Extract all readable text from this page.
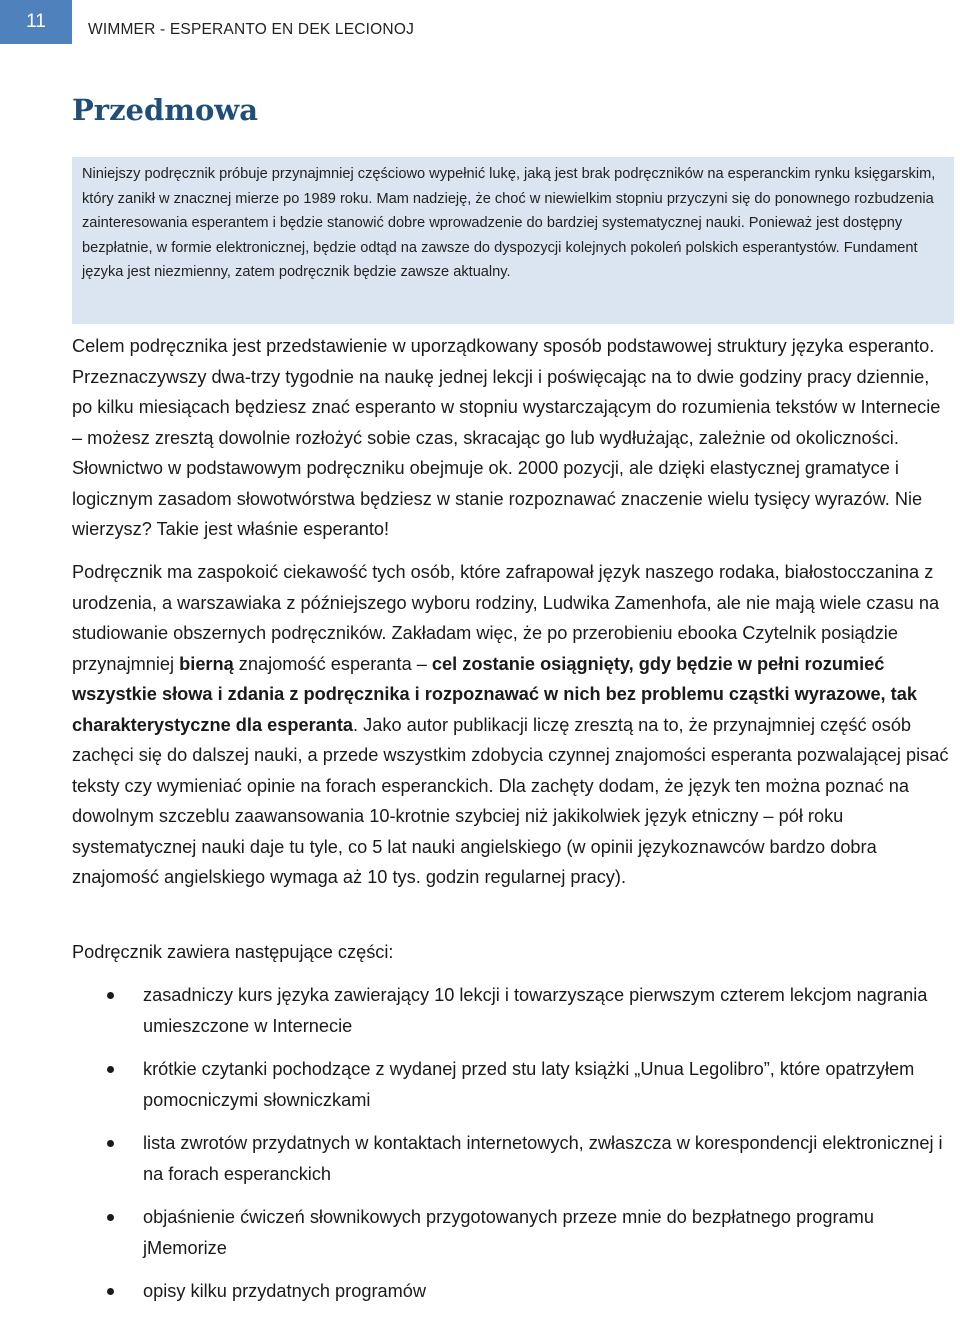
11	WIMMER - ESPERANTO EN DEK LECIONOJ
Przedmowa
Niniejszy podręcznik próbuje przynajmniej częściowo wypełnić lukę, jaką jest brak podręczników na esperanckim rynku księgarskim, który zanikł w znacznej mierze po 1989 roku. Mam nadzieję, że choć w niewielkim stopniu przyczyni się do ponownego rozbudzenia zainteresowania esperantem i będzie stanowić dobre wprowadzenie do bardziej systematycznej nauki. Ponieważ jest dostępny bezpłatnie, w formie elektronicznej, będzie odtąd na zawsze do dyspozycji kolejnych pokoleń polskich esperantystów. Fundament języka jest niezmienny, zatem podręcznik będzie zawsze aktualny.

Celem podręcznika jest przedstawienie w uporządkowany sposób podstawowej struktury języka esperanto. Przeznaczywszy dwa-trzy tygodnie na naukę jednej lekcji i poświęcając na to dwie godziny pracy dziennie, po kilku miesiącach będziesz znać esperanto w stopniu wystarczającym do rozumienia tekstów w Internecie – możesz zresztą dowolnie rozłożyć sobie czas, skracając go lub wydłużając, zależnie od okoliczności. Słownictwo w podstawowym podręczniku obejmuje ok. 2000 pozycji, ale dzięki elastycznej gramatyce i logicznym zasadom słowotwórstwa będziesz w stanie rozpoznawać znaczenie wielu tysięcy wyrazów. Nie wierzysz? Takie jest właśnie esperanto!

Podręcznik ma zaspokoić ciekawość tych osób, które zafrapował język naszego rodaka, białostocczanina z urodzenia, a warszawiaka z późniejszego wyboru rodziny, Ludwika Zamenhofa, ale nie mają wiele czasu na studiowanie obszernych podręczników. Zakładam więc, że po przerobieniu ebooka Czytelnik posiądzie przynajmniej bierną znajomość esperanta – cel zostanie osiągnięty, gdy będzie w pełni rozumieć wszystkie słowa i zdania z podręcznika i rozpoznawać w nich bez problemu cząstki wyrazowe, tak charakterystyczne dla esperanta. Jako autor publikacji liczę zresztą na to, że przynajmniej część osób zachęci się do dalszej nauki, a przede wszystkim zdobycia czynnej znajomości esperanta pozwalającej pisać teksty czy wymieniać opinie na forach esperanckich. Dla zachęty dodam, że język ten można poznać na dowolnym szczeblu zaawansowania 10-krotnie szybciej niż jakikolwiek język etniczny – pół roku systematycznej nauki daje tu tyle, co 5 lat nauki angielskiego (w opinii językoznawców bardzo dobra znajomość angielskiego wymaga aż 10 tys. godzin regularnej pracy).

Podręcznik zawiera następujące części:

zasadniczy kurs języka zawierający 10 lekcji i towarzyszące pierwszym czterem lekcjom nagrania umieszczone w Internecie
krótkie czytanki pochodzące z wydanej przed stu laty książki „Unua Legolibro”, które opatrzyłem pomocniczymi słowniczkami
lista zwrotów przydatnych w kontaktach internetowych, zwłaszcza w korespondencji elektronicznej i na forach esperanckich
objaśnienie ćwiczeń słownikowych przygotowanych przeze mnie do bezpłatnego programu jMemorize
opisy kilku przydatnych programów
